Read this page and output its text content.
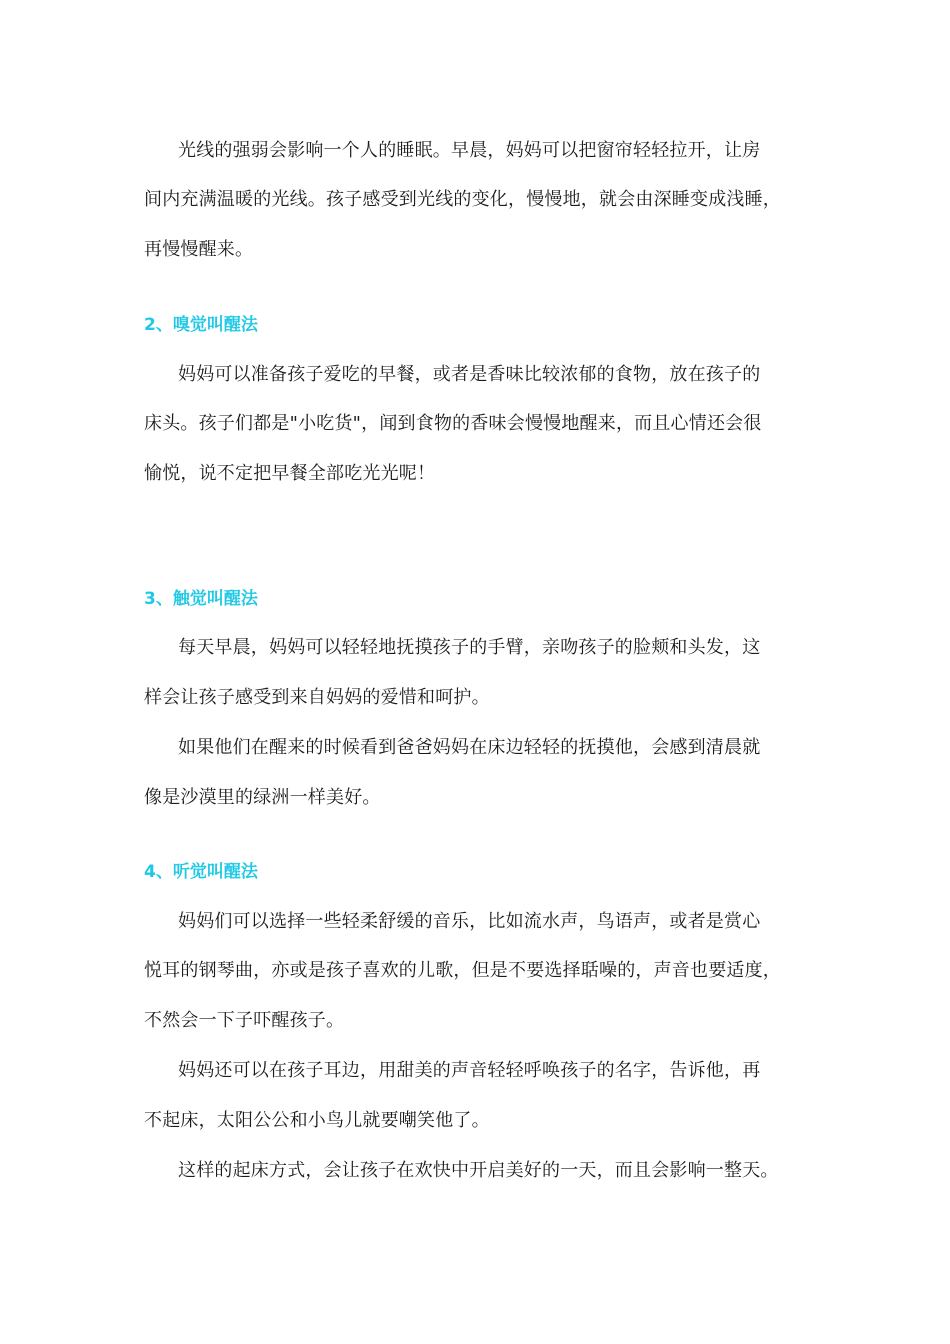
光线的强弱会影响一个人的睡眠。早晨，妈妈可以把窗帘轻轻拉开，让房
间内充满温暖的光线。孩子感受到光线的变化，慢慢地，就会由深睡变成浅睡，
再慢慢醒来。
2、嗅觉叫醒法
妈妈可以准备孩子爱吃的早餐，或者是香味比较浓郁的食物，放在孩子的
床头。孩子们都是"小吃货"，闻到食物的香味会慢慢地醒来，而且心情还会很
愉悦，说不定把早餐全部吃光光呢！
3、触觉叫醒法
每天早晨，妈妈可以轻轻地抚摸孩子的手臂，亲吻孩子的脸颊和头发，这
样会让孩子感受到来自妈妈的爱惜和呵护。
如果他们在醒来的时候看到爸爸妈妈在床边轻轻的抚摸他，会感到清晨就
像是沙漠里的绿洲一样美好。
4、听觉叫醒法
妈妈们可以选择一些轻柔舒缓的音乐，比如流水声，鸟语声，或者是赏心
悦耳的钢琴曲，亦或是孩子喜欢的儿歌，但是不要选择聒噪的，声音也要适度，
不然会一下子吓醒孩子。
妈妈还可以在孩子耳边，用甜美的声音轻轻呼唤孩子的名字，告诉他，再
不起床，太阳公公和小鸟儿就要嘲笑他了。
这样的起床方式，会让孩子在欢快中开启美好的一天，而且会影响一整天。
